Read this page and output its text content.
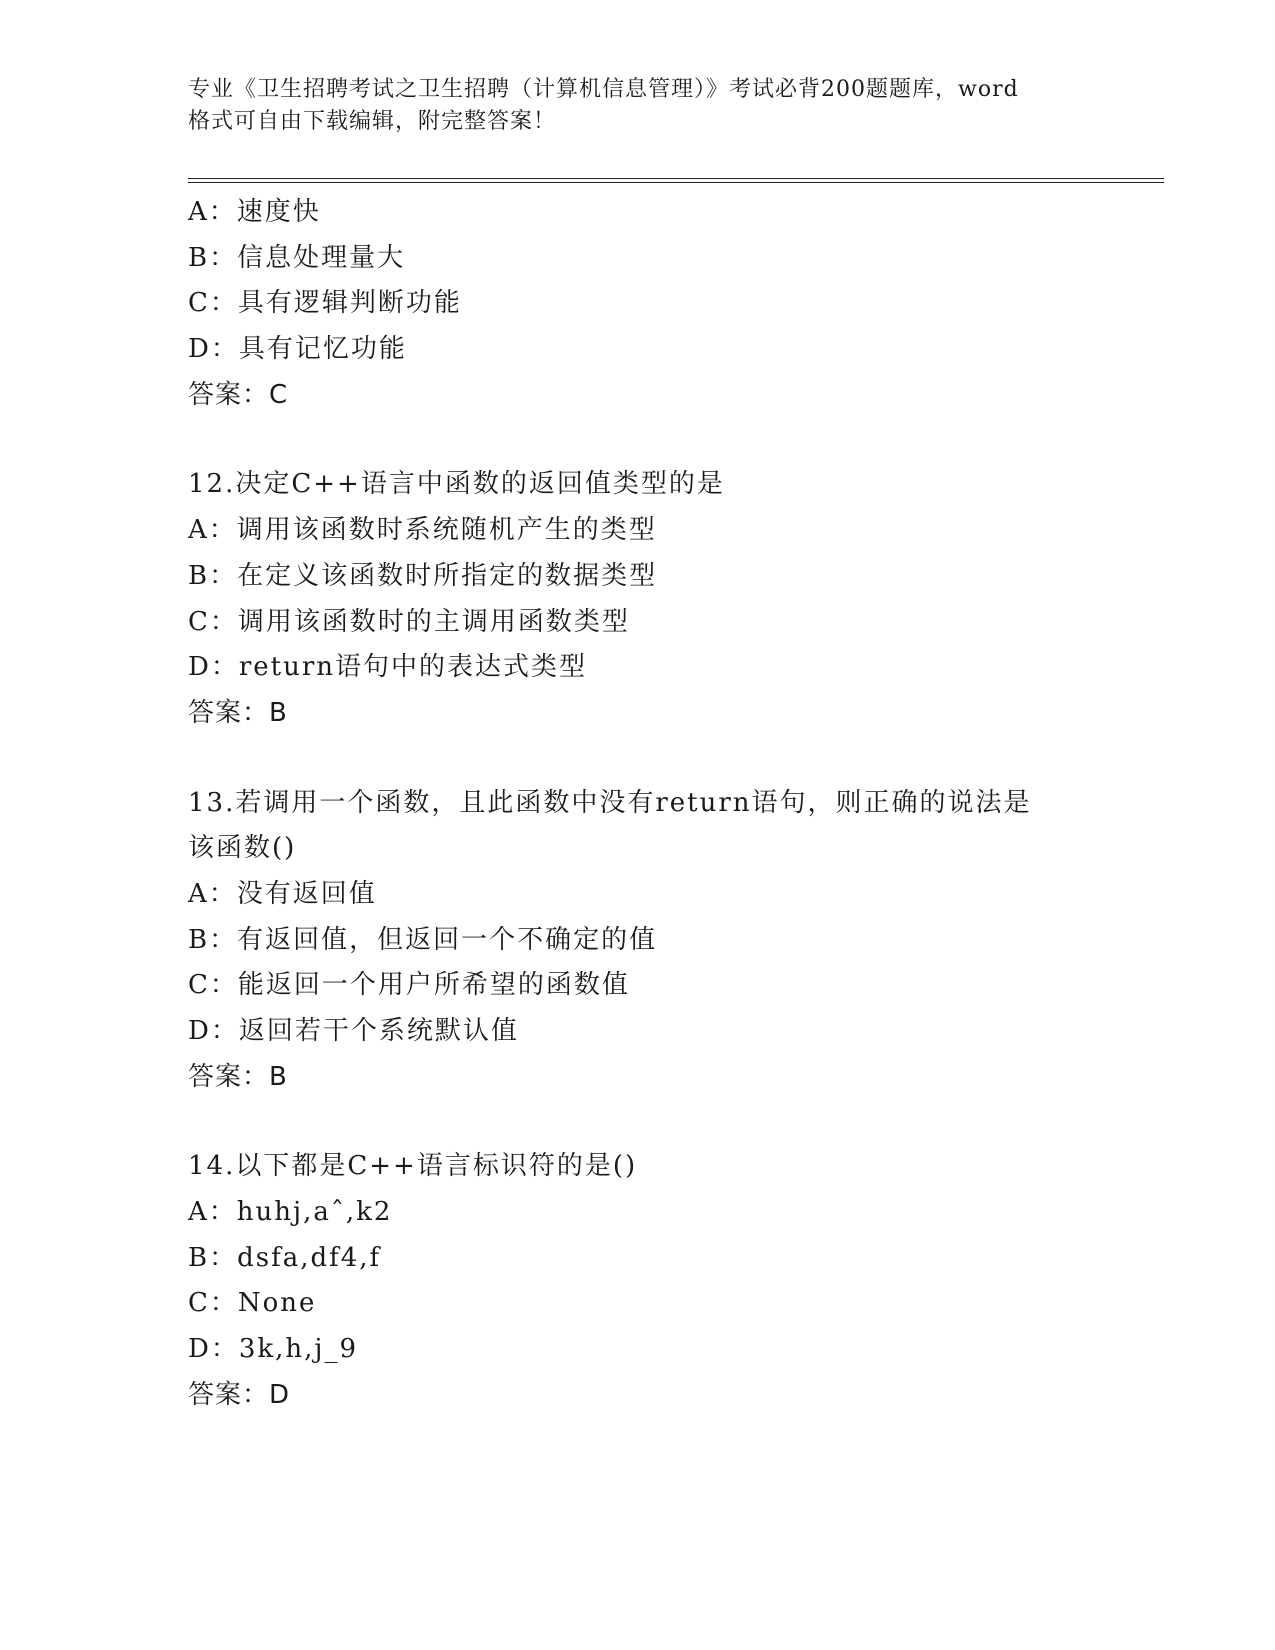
专业《卫生招聘考试之卫生招聘（计算机信息管理）》考试必背200题题库，word
格式可自由下载编辑，附完整答案！
A：速度快
B：信息处理量大
C：具有逻辑判断功能
D：具有记忆功能
答案：C
12.决定C++语言中函数的返回值类型的是
A：调用该函数时系统随机产生的类型
B：在定义该函数时所指定的数据类型
C：调用该函数时的主调用函数类型
D：return语句中的表达式类型
答案：B
13.若调用一个函数，且此函数中没有return语句，则正确的说法是
该函数()
A：没有返回值
B：有返回值，但返回一个不确定的值
C：能返回一个用户所希望的函数值
D：返回若干个系统默认值
答案：B
14.以下都是C++语言标识符的是()
A：huhj,aˆ,k2
B：dsfa,df4,f
C：None
D：3k,h,j_9
答案：D
